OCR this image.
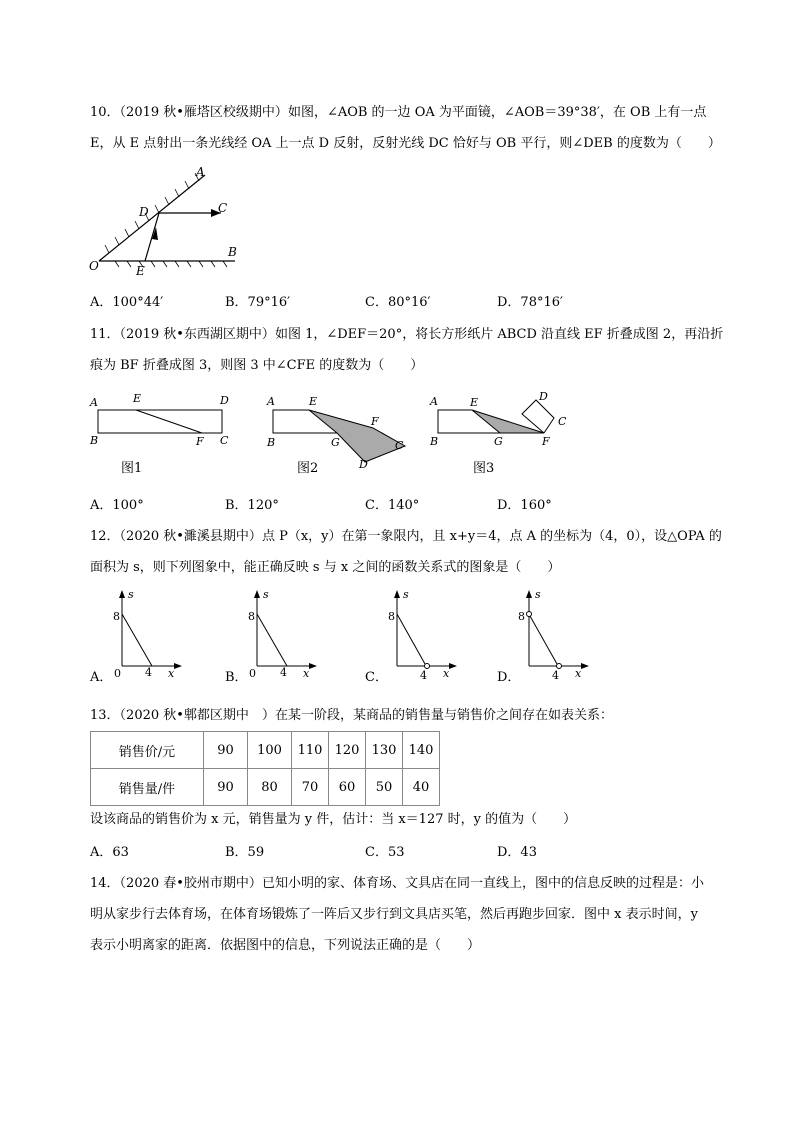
10．（2019 秋•雁塔区校级期中）如图，∠AOB 的一边 OA 为平面镜，∠AOB＝39°38′，在 OB 上有一点

E，从 E 点射出一条光线经 OA 上一点 D 反射，反射光线 DC 恰好与 OB 平行，则∠DEB 的度数为（　　）

A
B
C
D
E
O
A．100°44′	B．79°16′	C．80°16′	D．78°16′

11．（2019 秋•东西湖区期中）如图 1，∠DEF＝20°，将长方形纸片 ABCD 沿直线 EF 折叠成图 2，再沿折

痕为 BF 折叠成图 3，则图 3 中∠CFE 的度数为（　　）

A	E	D
B	F C
图1
A	E
F
B	G	C
D
图2
A	E	D
C
B	G	F
图3
A．100°	B．120°	C．140°	D．160°

12．（2020 秋•濉溪县期中）点 P（x，y）在第一象限内，且 x+y＝4，点 A 的坐标为（4，0），设△OPA 的

面积为 s，则下列图象中，能正确反映 s 与 x 之间的函数关系式的图象是（　　）

A．
s
8
0 4 x	B．
s
8
0 4 x	C．
s
8
4 x	D．
s
8
4 x

13．（2020 秋•郫都区期中　 ）在某一阶段，某商品的销售量与销售价之间存在如表关系：

销售价/元	90	100	110	120	130	140
销售量/件	90	80	70	60	50	40
设该商品的销售价为 x 元，销售量为 y 件，估计：当 x＝127 时，y 的值为（　　）
A．63	B．59	C．53	D．43

14．（2020 春•胶州市期中）已知小明的家、体育场、文具店在同一直线上，图中的信息反映的过程是：小

明从家步行去体育场，在体育场锻炼了一阵后又步行到文具店买笔，然后再跑步回家．图中 x 表示时间，y

表示小明离家的距离．依据图中的信息，下列说法正确的是（　　）
